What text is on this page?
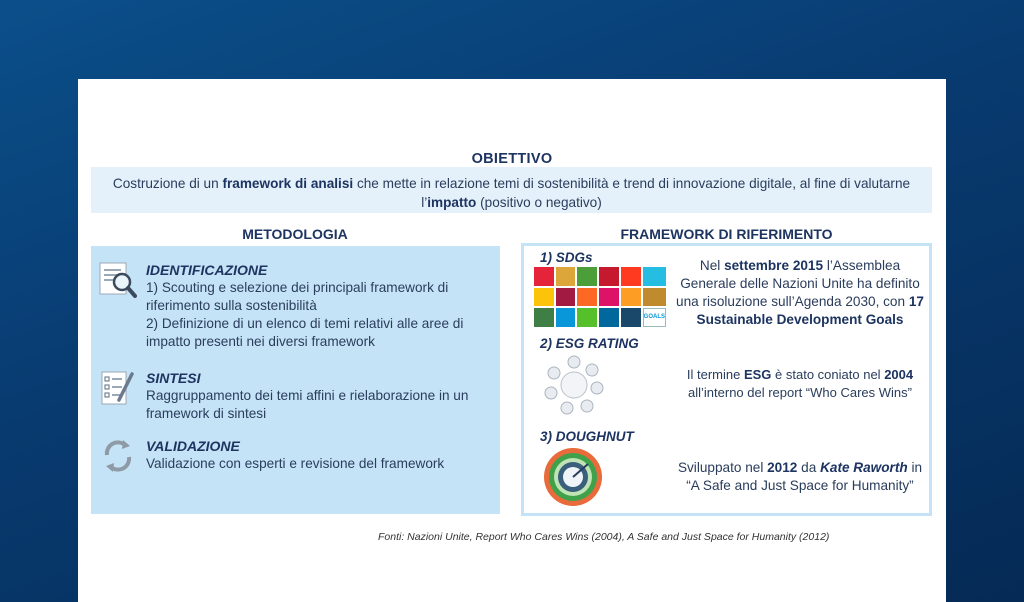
OBIETTIVO
Costruzione di un framework di analisi che mette in relazione temi di sostenibilità e trend di innovazione digitale, al fine di valutarne l’impatto (positivo o negativo)
METODOLOGIA	FRAMEWORK DI RIFERIMENTO
IDENTIFICAZIONE
1) Scouting e selezione dei principali framework di riferimento sulla sostenibilità
2) Definizione di un elenco di temi relativi alle aree di impatto presenti nei diversi framework
SINTESI
Raggruppamento dei temi affini e rielaborazione in un framework di sintesi
VALIDAZIONE
Validazione con esperti e revisione del framework
1) SDGs
GOALS
Nel settembre 2015 l’Assemblea Generale delle Nazioni Unite ha definito una risoluzione sull’Agenda 2030, con 17 Sustainable Development Goals
2) ESG RATING
Il termine ESG è stato coniato nel 2004 all’interno del report “Who Cares Wins”
3) DOUGHNUT
Sviluppato nel 2012 da Kate Raworth in “A Safe and Just Space for Humanity”
Fonti: Nazioni Unite, Report Who Cares Wins (2004), A Safe and Just Space for Humanity (2012)
